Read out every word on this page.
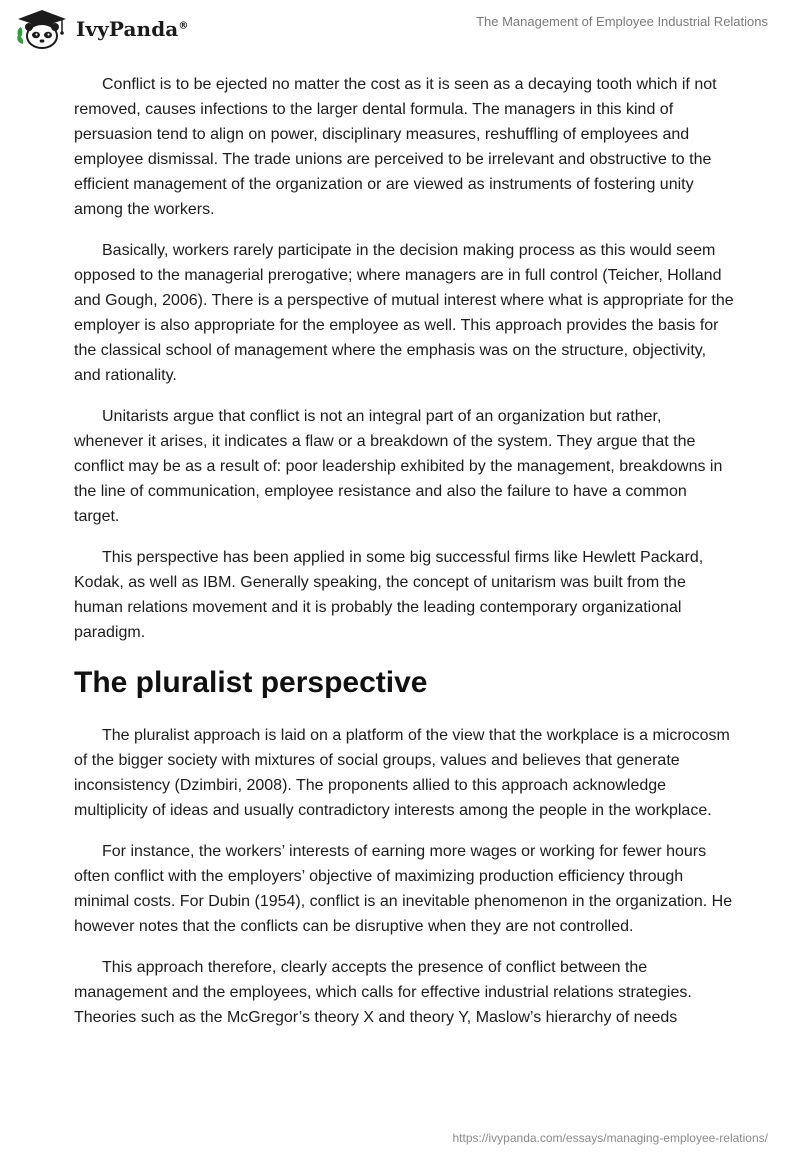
IvyPanda®	The Management of Employee Industrial Relations

Conflict is to be ejected no matter the cost as it is seen as a decaying tooth which if not removed, causes infections to the larger dental formula. The managers in this kind of persuasion tend to align on power, disciplinary measures, reshuffling of employees and employee dismissal. The trade unions are perceived to be irrelevant and obstructive to the efficient management of the organization or are viewed as instruments of fostering unity among the workers.

Basically, workers rarely participate in the decision making process as this would seem opposed to the managerial prerogative; where managers are in full control (Teicher, Holland and Gough, 2006). There is a perspective of mutual interest where what is appropriate for the employer is also appropriate for the employee as well. This approach provides the basis for the classical school of management where the emphasis was on the structure, objectivity, and rationality.

Unitarists argue that conflict is not an integral part of an organization but rather, whenever it arises, it indicates a flaw or a breakdown of the system. They argue that the conflict may be as a result of: poor leadership exhibited by the management, breakdowns in the line of communication, employee resistance and also the failure to have a common target.

This perspective has been applied in some big successful firms like Hewlett Packard, Kodak, as well as IBM. Generally speaking, the concept of unitarism was built from the human relations movement and it is probably the leading contemporary organizational paradigm.

The pluralist perspective

The pluralist approach is laid on a platform of the view that the workplace is a microcosm of the bigger society with mixtures of social groups, values and believes that generate inconsistency (Dzimbiri, 2008). The proponents allied to this approach acknowledge multiplicity of ideas and usually contradictory interests among the people in the workplace.

For instance, the workers’ interests of earning more wages or working for fewer hours often conflict with the employers’ objective of maximizing production efficiency through minimal costs. For Dubin (1954), conflict is an inevitable phenomenon in the organization. He however notes that the conflicts can be disruptive when they are not controlled.

This approach therefore, clearly accepts the presence of conflict between the management and the employees, which calls for effective industrial relations strategies. Theories such as the McGregor’s theory X and theory Y, Maslow’s hierarchy of needs

https://ivypanda.com/essays/managing-employee-relations/
